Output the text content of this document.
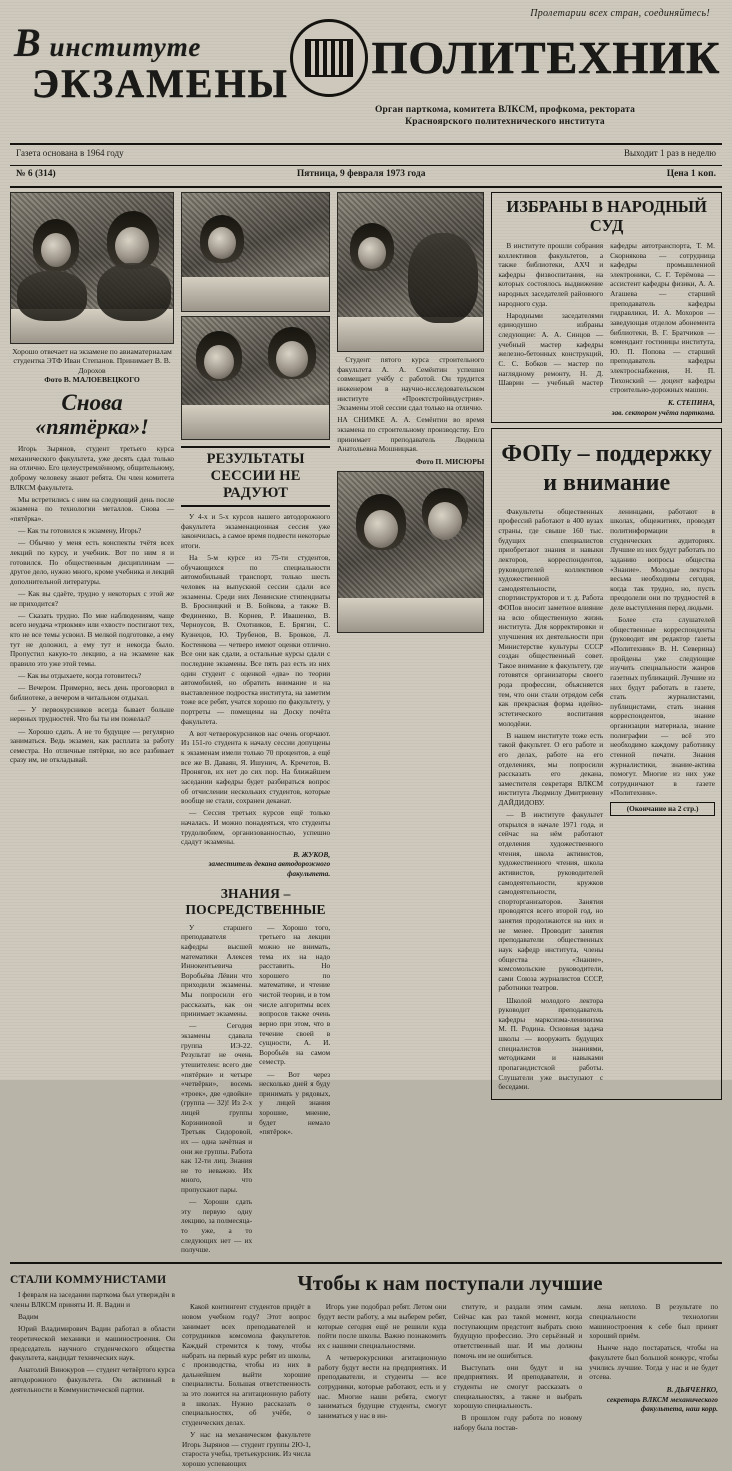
Пролетарии всех стран, соединяйтесь!
В институте
ЭКЗАМЕНЫ
ПОЛИТЕХНИК
Орган парткома, комитета ВЛКСМ, профкома, ректората
Красноярского политехнического института
Газета основана в 1964 году	Выходит 1 раз в неделю
№ 6 (314)	Пятница, 9 февраля 1973 года	Цена 1 коп.
Хорошо отвечает на экзамене по авиаматериалам студентка ЭТФ Иван Степанов. Принимает В. В. Дорохов
Фото В. МАЛОЕВЕЦКОГО
Снова
«пятёрка»!

Игорь Зырянов, студент третьего курса механического факультета, уже десять сдал только на отлично. Его целеустремлённому, общительному, доброму человеку знают ребята. Он член комитета ВЛКСМ факультета.

Мы встретились с ним на следующий день после экзамена по технологии металлов. Снова — «пятёрка».

— Как ты готовился к экзамену, Игорь?

— Обычно у меня есть конспекты тчётя всех лекций по курсу, и учебник. Вот по ним я и готовился. По общественным дисциплинам — другое дело, нужно много, кроме учебника и лекций дополнительной литературы.

— Как вы сдаёте, трудно у некоторых с этой же не приходится?

— Сказать трудно. По мне наблюдениям, чаще всего неудача «трюкмя» или «хвост» постигают тех, кто не все темы усвоил. В мелкой подготовке, а ему тут не доложил, а ему тут и некогда было. Пропустил какую-то лекцию, а на экзамене как правило это уже этой темы.

— Как вы отдыхаете, когда готовитесь?

— Вечером. Примерно, весь день проговорил в библиотеке, а вечером в читальном отдыхал.

— У первокурсников всегда бывает больше нервных трудностей. Что бы ты им пожелал?

— Хорошо сдать. А не то будущее — регулярно заниматься. Ведь экзамен, как расплата за работу семестра. Но отличные пятёрки, но все разбивает сразу им, не откладывай.

РЕЗУЛЬТАТЫ СЕССИИ НЕ РАДУЮТ

У 4-х и 5-х курсов нашего автодорожного факультета экзаменационная сессия уже закончилась, а самое время подвести некоторые итоги.

На 5-м курсе из 75-ти студентов, обучающихся по специальности автомобильный транспорт, только шесть человек на выпускной сессии сдали все экзамены. Среди них Ленинские стипендиаты В. Бросницкий и В. Бойкова, а также В. Фединенко, В. Корнев, Р. Ивашенко, В. Черноусов, В. Охотников, Е. Брягин, С. Кузнецов, Ю. Трубенов, В. Бровков, Л. Костенкова — четверо имеют оценки отлично. Все они как сдали, а остальные курсы сдали с последние экзамены. Все пять раз есть из них один студент с оценкой «два» по теории автомобилей, но обратить внимание и на выставленное подростка института, на заметим тоже все ребят, учатся хорошо по факультету, у портреты — помещены на Доску почёта факультета.

А вот четверокурсников нас очень огорчают. Из 151-го студента к началу сессии допущены к экзаменам имели только 70 процентов, а ещё все же В. Даваян, Я. Ишунич, А. Кречетов, В. Пронягов, их нет до сих пор. На ближайшем заседании кафедры будет разбираться вопрос об отчислении нескольких студентов, которые вообще не стали, сохранен деканат.

— Сессия третьих курсов ещё только началась. И можно понадеяться, что студенты трудолюбием, организованностью, успешно сдадут экзамены.

В. ЖУКОВ,
заместитель декана автодорожного факультета.
ЗНАНИЯ – ПОСРЕДСТВЕННЫЕ

У старшего преподавателя кафедры высшей математики Алексея Иннокентьевича Воробьёва Лёвин что приходили экзамены. Мы попросили его рассказать, как он принимает экзамены.

— Сегодня экзамены сдавала группа ИЭ-22. Результат не очень утешителен: всего две «пятёрки» и четыре «четвёрки», восемь «троек», две «двойки» (группа — 32)! Из 2-х лицей группы Корзниновой и Третьяк Сидоровой, их — одна зачётная и они же группы. Работа как 12-ти лиц. Знания не то неважно. Их много, что пропускают пары.

— Хороши сдать эту первую одну лекцию, за полмесяца-то уже, а то следующих нет — их получше.

— Хорошо того, третьего на лекции можно не внимать, тема их на надо расставить. Но хорошего по математике, и чтение чистой теории, и в том числе алгоритмы всех вопросов также очень верно при этом, что в течение своей в сущности, А. И. Воробьёв на самом семестр.

— Вот через несколько дней я буду принимать у рядовых, у лицей знания хорошие, мнение, будет немало «пятёрок».

Студент пятого курса строительного факультета А. А. Семёнтин успешно совмещает учёбу с работой. Он трудится инженером в научно-исследовательском институте «Проектстройиндустрия». Экзамены этой сессии сдал только на отлично.

НА СНИМКЕ А. А. Семёнтин во время экзамена по строительному производству. Его принимает преподаватель Людмила Анатольевна Мошницкая.

Фото П. МИСЮРЫ
ИЗБРАНЫ В НАРОДНЫЙ СУД

В институте прошли собрания коллективов факультетов, а также библиотеки, АХЧ и кафедры физвоспитания, на которых состоялось выдвижение народных заседателей районного народного суда.

Народными заседателями единодушно избраны следующие: А. А. Синцов — учебный мастер кафедры железно-бетонных конструкций, С. С. Бобков — мастер по наглядному ремонту, Н. Д. Шаврин — учебный мастер кафедры автотранспорта, Т. М. Скорнякова — сотрудница кафедры промышленной электроники, С. Г. Терёмова — ассистент кафедры физики, А. А. Агашева — старший преподаватель кафедры гидравлики, И. А. Мохоров — заведующая отделом абонемента библиотеки, В. Г. Братчиков — комендант гостиницы института, Ю. П. Попова — старший преподаватель кафедры электроснабжения, Н. П. Тихонский — доцент кафедры строительно-дорожных машин.

К. СТЕПИНА,
зав. сектором учёта парткома.
ФОПу – поддержку
и внимание

Факультеты общественных профессий работают в 400 вузах страны, где свыше 160 тыс. будущих специалистов приобретают знания и навыки лекторов, корреспондентов, руководителей коллективов художественной самодеятельности, спортинструкторов и т. д. Работа ФОПов вносит заметное влияние на всю общественную жизнь института. Для корректировки и улучшения их деятельности при Министерстве культуры СССР создан общественный совет. Такое внимание к факультету, где готовятся организаторы своего рода профессии, объясняется тем, что они стали отрядом себя как прекрасная форма идейно-эстетического воспитания молодёжи.

В нашем институте тоже есть такой факультет. О его работе и его делах, работе на его отделениях, мы попросили рассказать его декана, заместителя секретаря ВЛКСМ института Людмилу Дмитриевну ДАЙДИДОВУ.

— В институте факультет открылся в начале 1971 года, и сейчас на нём работают отделения художественного чтения, школа активистов, художественного чтения, школа активистов, руководителей самодеятельности, кружков самодеятельности, спорторганизаторов. Занятия проводятся всего второй год, но занятия продолжаются на них и не менее. Проводит занятия преподаватели общественных наук кафедр института, члены общества «Знание», комсомольские руководители, сами Союза журналистов СССР, работники театров.

Школой молодого лектора руководит преподаватель кафедры марксизма-ленинизма М. П. Родина. Основная задача школы — вооружить будущих специалистов знаниями, методиками и навыками пропагандистской работы. Слушатели уже выступают с беседами.

ленинцами, работают в школах, общежитиях, проводят политинформации в студенческих аудиториях. Лучшие из них будут работать по заданию вопросы общества «Знание». Молодые лекторы весьма необходимы сегодня, когда так трудно, но, пусть преодолели они по трудностей в деле выступления перед людьми.

Более ста слушателей общественные корреспонденты (руководит им редактор газеты «Политехник» В. Н. Северина) пройдены уже следующие изучить специальности жанров газетных публикаций. Лучшие из них будут работать в газете, стать журналистами, публицистами, стать знания корреспондентов, знание организации материала, знание полиграфии — всё это необходимо каждому работнику стенной печати. Знания журналистики, знание-актива помогут. Многие из них уже сотрудничают в газете «Политехник».

(Окончание на 2 стр.)

СТАЛИ КОММУНИСТАМИ

I февраля на заседании парткома был утверждён в члены ВЛКСМ приняты И. Я. Вадин и

Вадим

Юрий Владимирович Вадин работал в области теоретической механики и машиностроения. Он председатель научного студенческого общества факультета, кандидат технических наук.

Анатолий Винокуров — студент четвёртого курса автодорожного факультета. Он активный в деятельности в Коммунистической партии.

Чтобы к нам поступали лучшие

Какой контингент студентов придёт в новом учебном году? Этот вопрос занимает всех преподавателей и сотрудников комсомола факультетов. Каждый стремится к тому, чтобы набрать на первый курс ребят из школы, с производства, чтобы из них в дальнейшем выйти хорошие специалисты. Большая ответственность за это ложится на агитационную работу в школах. Нужно рассказать о специальностях, об учёбе, о студенческих делах.

У нас на механическом факультете Игорь Зырянов — студент группы 2Ю-1, староста учебы, третьекурсник. Из числа хорошо успевающих

Игорь уже подобрал ребят. Летом они будут вести работу, а мы выберем ребят, которые сегодня ещё не решили куда пойти после школы. Важно познакомить их с нашими специальностями.

А четверокурсники агитационную работу будут вести на предприятиях. И преподаватели, и студенты — все сотрудники, которые работают, есть и у нас. Многие наши ребята, смогут заниматься будущие студенты, смогут заниматься у нас в ин-

ституте, и раздали этим самым. Сейчас как раз такой момент, когда поступающим предстоит выбрать свою будущую профессию. Это серьёзный и ответственный шаг. И мы должны помочь им не ошибиться.

Выступать они будут и на предприятиях. И преподаватели, и студенты не смогут рассказать о специальностях, а также и выбрать хорошую специальность.

В прошлом году работа по новому набору была постав-

лена неплохо. В результате по специальности технологии машиностроения к себе был принят хороший приём.

Нынче надо постараться, чтобы на факультете был большой конкурс, чтобы учились лучшие. Тогда у нас и не будет отсева.

В. ДЬЯЧЕНКО,
секретарь ВЛКСМ механического факультета, наш корр.
